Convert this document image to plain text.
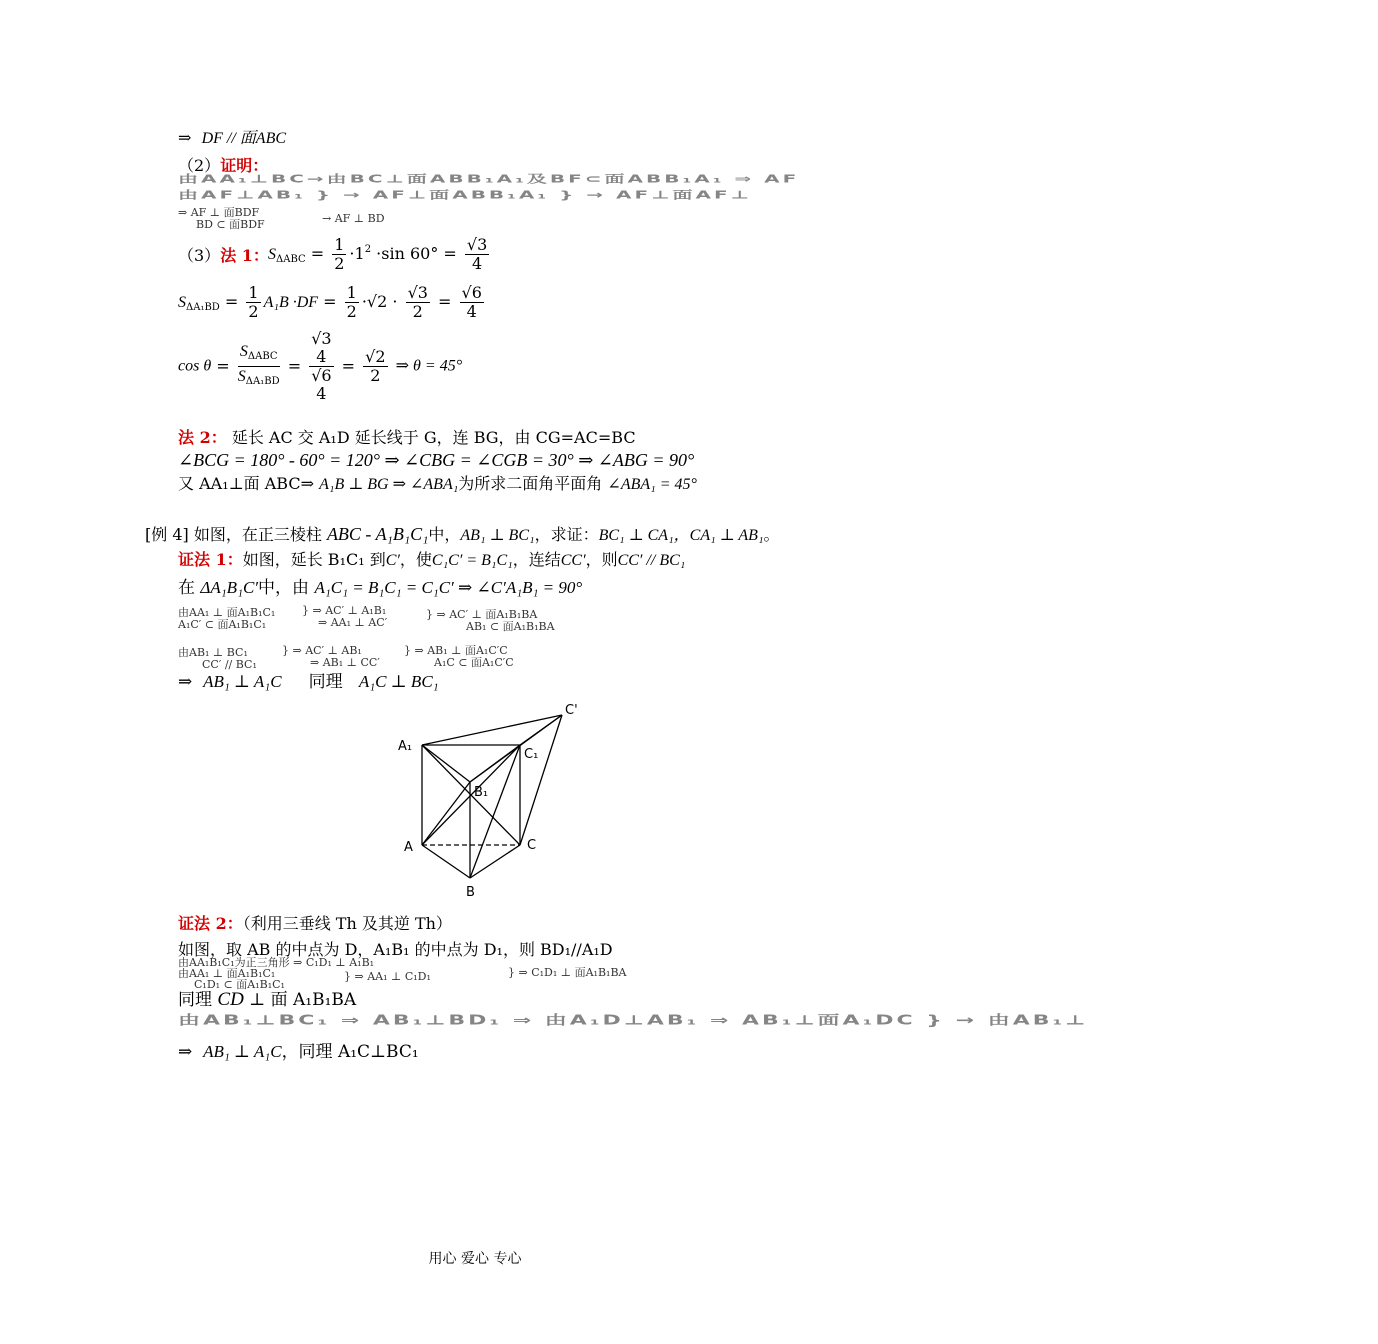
⇒ DF // 面ABC
（2）证明：
由AA₁⊥BC→由BC⊥面ABB₁A₁及BF⊂面ABB₁A₁ ⇒ AF
由AF⊥AB₁ } → AF⊥面ABB₁A₁ } → AF⊥面AF⊥
⇒ AF ⊥ 面BDF
BD ⊂ 面BDF	→ AF ⊥ BD
（3）法 1： $S_{\Delta ABC} = \frac{1}{2} \cdot 1^2 \cdot\sin$ $60^\circ = \frac{√3}{4}$
$S_{\Delta A_1BD} = \frac{1}{2} A_1B \cdot DF = \frac{1}{2} \cdot√2 \cdot \frac{√3}{2} = \frac{√6}{4}$
$\cos \theta = \frac{S_{\Delta ABC}}{S_{\Delta A_1BD}} = √3$
4
√6
$4 = \frac{√2}{2}$ ⇒ θ = 45°
法 2： 延长 AC 交 A₁D 延长线于 G，连 BG，由 CG=AC=BC
∠BCG = 180° - 60° = 120° ⇒ ∠CBG = ∠CGB = 30° ⇒ ∠ABG = 90°
又 AA₁⊥面 ABC⇒ A₁B ⊥ BG ⇒ ∠ABA₁为所求二面角平面角 ∠ABA₁ = 45°
[例 4] 如图，在正三棱柱 ABC - A₁B₁C₁中，AB₁ ⊥ BC₁，求证：BC₁ ⊥ CA₁，CA₁ ⊥ AB₁。
证法 1：如图，延长 B₁C₁ 到C′，使C₁C′ = B₁C₁，连结CC′，则CC′ // BC₁
在 ΔA₁B₁C′中，由 A₁C₁ = B₁C₁ = C₁C′ ⇒ ∠C′A₁B₁ = 90°
由AA₁ ⊥ 面A₁B₁C₁
A₁C′ ⊂ 面A₁B₁C₁
} ⇒ AC′ ⊥ A₁B₁
⇒ AA₁ ⊥ AC′
} ⇒ AC′ ⊥ 面A₁B₁BA
AB₁ ⊂ 面A₁B₁BA
由AB₁ ⊥ BC₁
CC′ // BC₁
} ⇒ AC′ ⊥ AB₁
⇒ AB₁ ⊥ CC′
} ⇒ AB₁ ⊥ 面A₁C′C
A₁C ⊂ 面A₁C′C
⇒ AB₁ ⊥ A₁C 同理 A₁C ⊥ BC₁
A₁
C₁
C'
B₁
A	C
B
证法 2：（利用三垂线 Th 及其逆 Th）
如图，取 AB 的中点为 D，A₁B₁ 的中点为 D₁，则 BD₁//A₁D
由AA₁B₁C₁为正三角形 ⇒ C₁D₁ ⊥ A₁B₁
由AA₁ ⊥ 面A₁B₁C₁
C₁D₁ ⊂ 面A₁B₁C₁
} ⇒ AA₁ ⊥ C₁D₁	} ⇒ C₁D₁ ⊥ 面A₁B₁BA
同理 CD ⊥ 面 A₁B₁BA
由AB₁⊥BC₁ ⇒ AB₁⊥BD₁ ⇒ 由A₁D⊥AB₁ ⇒ AB₁⊥面A₁DC } → 由AB₁⊥
⇒ AB₁ ⊥ A₁C，同理 A₁C⊥BC₁
用心 爱心 专心
